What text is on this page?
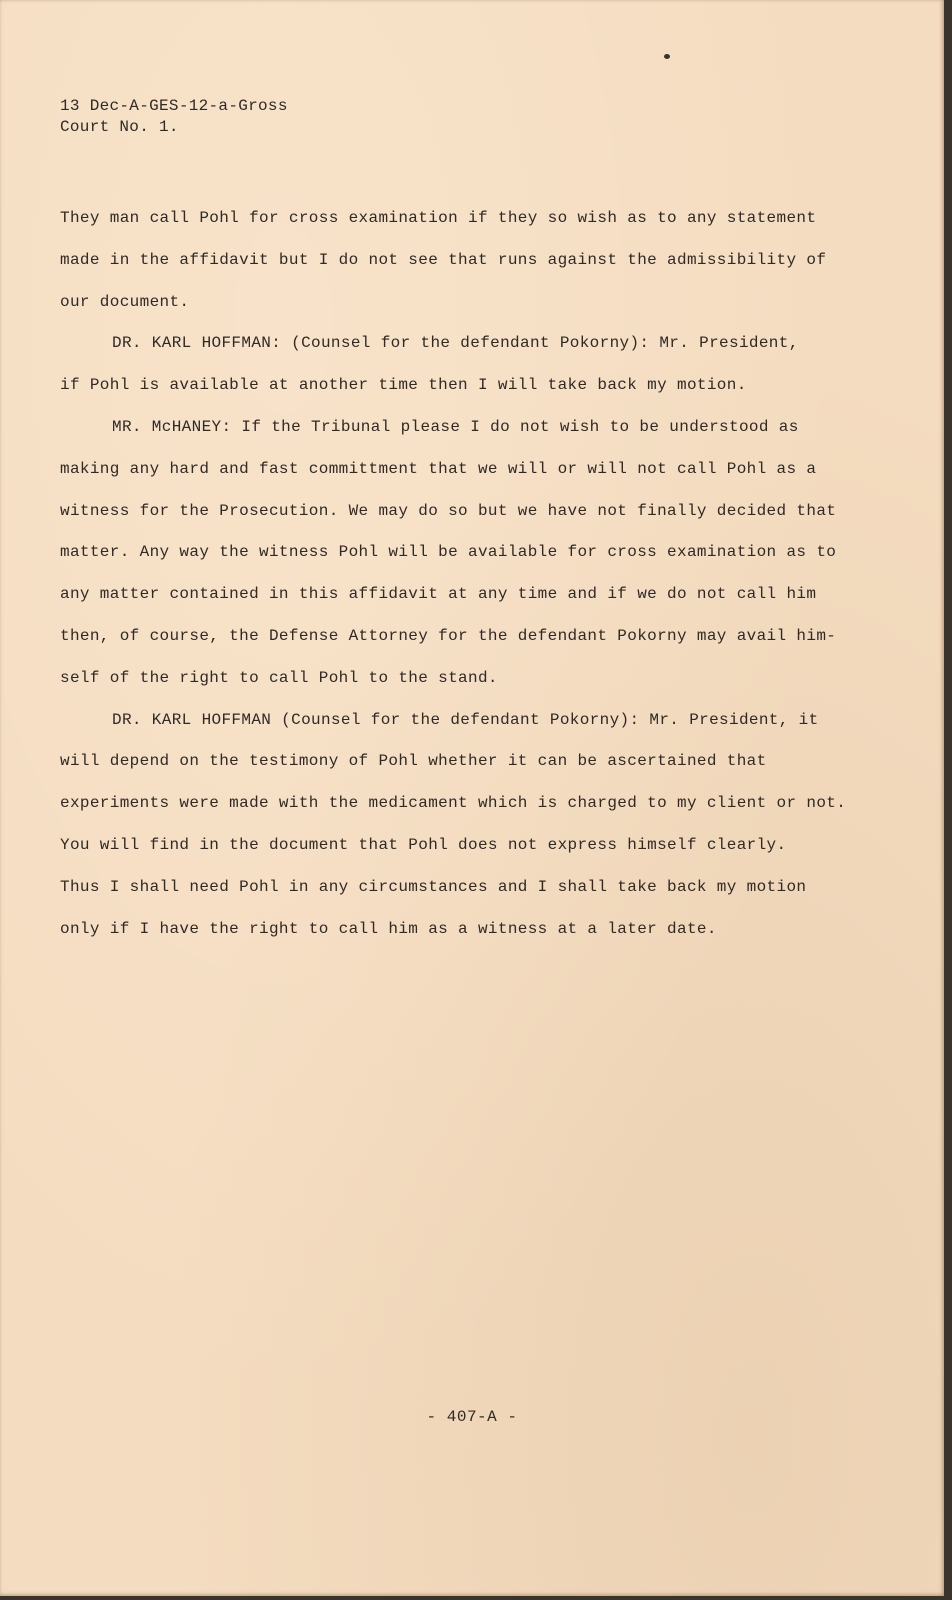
13 Dec-A-GES-12-a-Gross
Court No. 1.
They man call Pohl for cross examination if they so wish as to any statement
made in the affidavit but I do not see that runs against the admissibility of
our document.
DR. KARL HOFFMAN: (Counsel for the defendant Pokorny): Mr. President,
if Pohl is available at another time then I will take back my motion.
MR. McHANEY: If the Tribunal please I do not wish to be understood as
making any hard and fast committment that we will or will not call Pohl as a
witness for the Prosecution. We may do so but we have not finally decided that
matter. Any way the witness Pohl will be available for cross examination as to
any matter contained in this affidavit at any time and if we do not call him
then, of course, the Defense Attorney for the defendant Pokorny may avail him-
self of the right to call Pohl to the stand.
DR. KARL HOFFMAN (Counsel for the defendant Pokorny): Mr. President, it
will depend on the testimony of Pohl whether it can be ascertained that
experiments were made with the medicament which is charged to my client or not.
You will find in the document that Pohl does not express himself clearly.
Thus I shall need Pohl in any circumstances and I shall take back my motion
only if I have the right to call him as a witness at a later date.
- 407-A -
